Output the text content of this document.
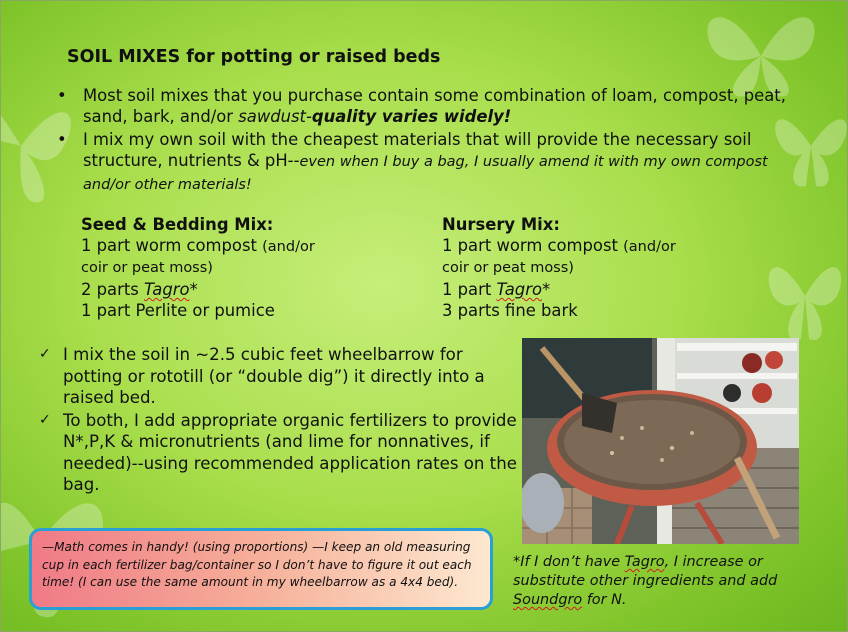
SOIL MIXES for potting or raised beds
• Most soil mixes that you purchase contain some combination of loam, compost, peat, sand, bark, and/or sawdust-quality varies widely!
• I mix my own soil with the cheapest materials that will provide the necessary soil structure, nutrients & pH--even when I buy a bag, I usually amend it with my own compost and/or other materials!
Seed & Bedding Mix:
1 part worm compost (and/or
coir or peat moss)
2 parts Tagro*
1 part Perlite or pumice
Nursery Mix:
1 part worm compost (and/or
coir or peat moss)
1 part Tagro*
3 parts fine bark
✓ I mix the soil in ~2.5 cubic feet wheelbarrow for potting or rototill (or “double dig”) it directly into a raised bed.
✓ To both, I add appropriate organic fertilizers to provide N*,P,K & micronutrients (and lime for nonnatives, if needed)--using recommended application rates on the bag.
—Math comes in handy! (using proportions) —I keep an old measuring cup in each fertilizer bag/container so I don’t have to figure it out each time! (I can use the same amount in my wheelbarrow as a 4x4 bed).
*If I don’t have Tagro, I increase or substitute other ingredients and add Soundgro for N.
